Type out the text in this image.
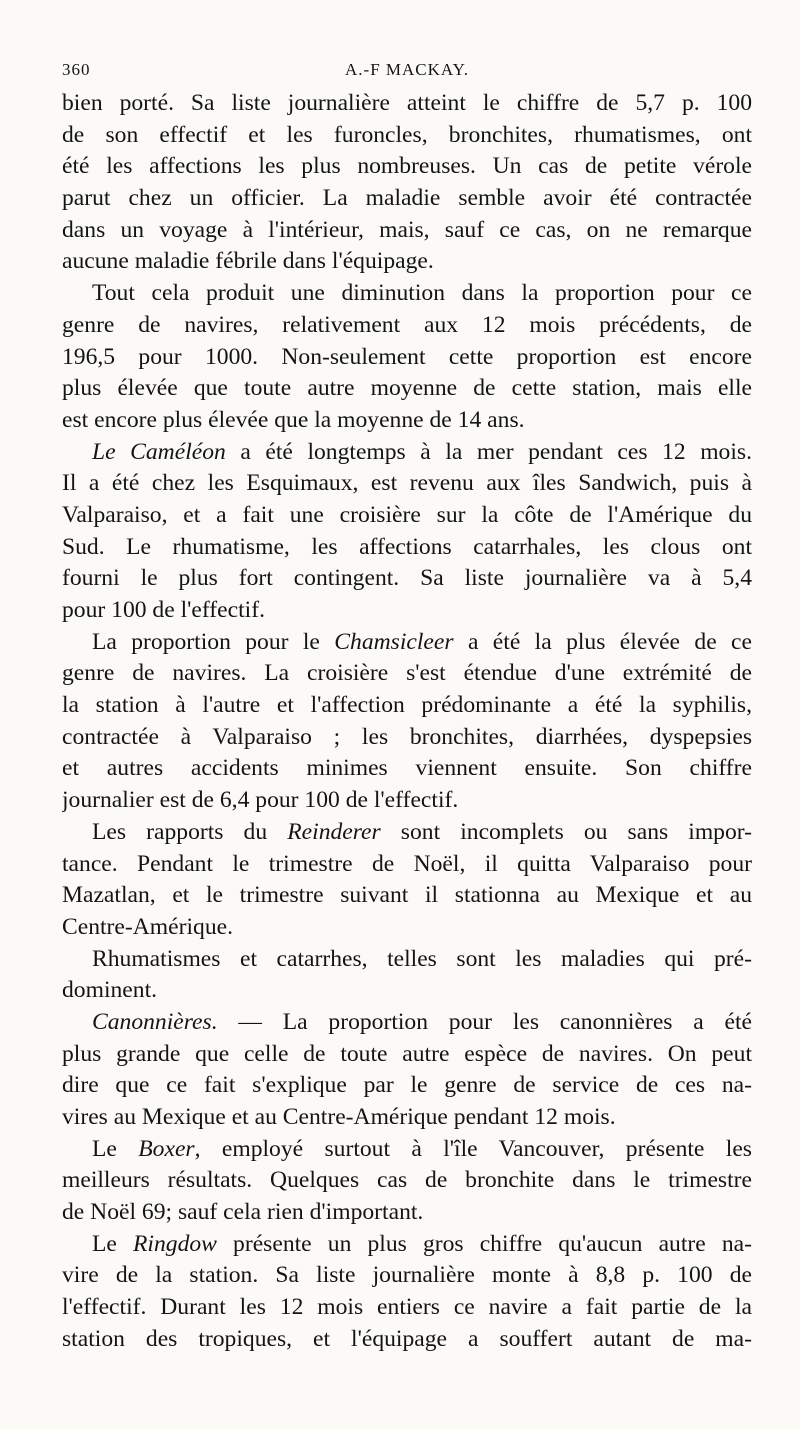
360	A.-F MACKAY.
bien porté. Sa liste journalière atteint le chiffre de 5,7 p. 100
de son effectif et les furoncles, bronchites, rhumatismes, ont
été les affections les plus nombreuses. Un cas de petite vérole
parut chez un officier. La maladie semble avoir été contractée
dans un voyage à l'intérieur, mais, sauf ce cas, on ne remarque
aucune maladie fébrile dans l'équipage.
Tout cela produit une diminution dans la proportion pour ce
genre de navires, relativement aux 12 mois précédents, de
196,5 pour 1000. Non-seulement cette proportion est encore
plus élevée que toute autre moyenne de cette station, mais elle
est encore plus élevée que la moyenne de 14 ans.
Le Caméléon a été longtemps à la mer pendant ces 12 mois.
Il a été chez les Esquimaux, est revenu aux îles Sandwich, puis à
Valparaiso, et a fait une croisière sur la côte de l'Amérique du
Sud. Le rhumatisme, les affections catarrhales, les clous ont
fourni le plus fort contingent. Sa liste journalière va à 5,4
pour 100 de l'effectif.
La proportion pour le Chamsicleer a été la plus élevée de ce
genre de navires. La croisière s'est étendue d'une extrémité de
la station à l'autre et l'affection prédominante a été la syphilis,
contractée à Valparaiso ; les bronchites, diarrhées, dyspepsies
et autres accidents minimes viennent ensuite. Son chiffre
journalier est de 6,4 pour 100 de l'effectif.
Les rapports du Reinderer sont incomplets ou sans impor-
tance. Pendant le trimestre de Noël, il quitta Valparaiso pour
Mazatlan, et le trimestre suivant il stationna au Mexique et au
Centre-Amérique.
Rhumatismes et catarrhes, telles sont les maladies qui pré-
dominent.
Canonnières. — La proportion pour les canonnières a été
plus grande que celle de toute autre espèce de navires. On peut
dire que ce fait s'explique par le genre de service de ces na-
vires au Mexique et au Centre-Amérique pendant 12 mois.
Le Boxer, employé surtout à l'île Vancouver, présente les
meilleurs résultats. Quelques cas de bronchite dans le trimestre
de Noël 69; sauf cela rien d'important.
Le Ringdow présente un plus gros chiffre qu'aucun autre na-
vire de la station. Sa liste journalière monte à 8,8 p. 100 de
l'effectif. Durant les 12 mois entiers ce navire a fait partie de la
station des tropiques, et l'équipage a souffert autant de ma-
